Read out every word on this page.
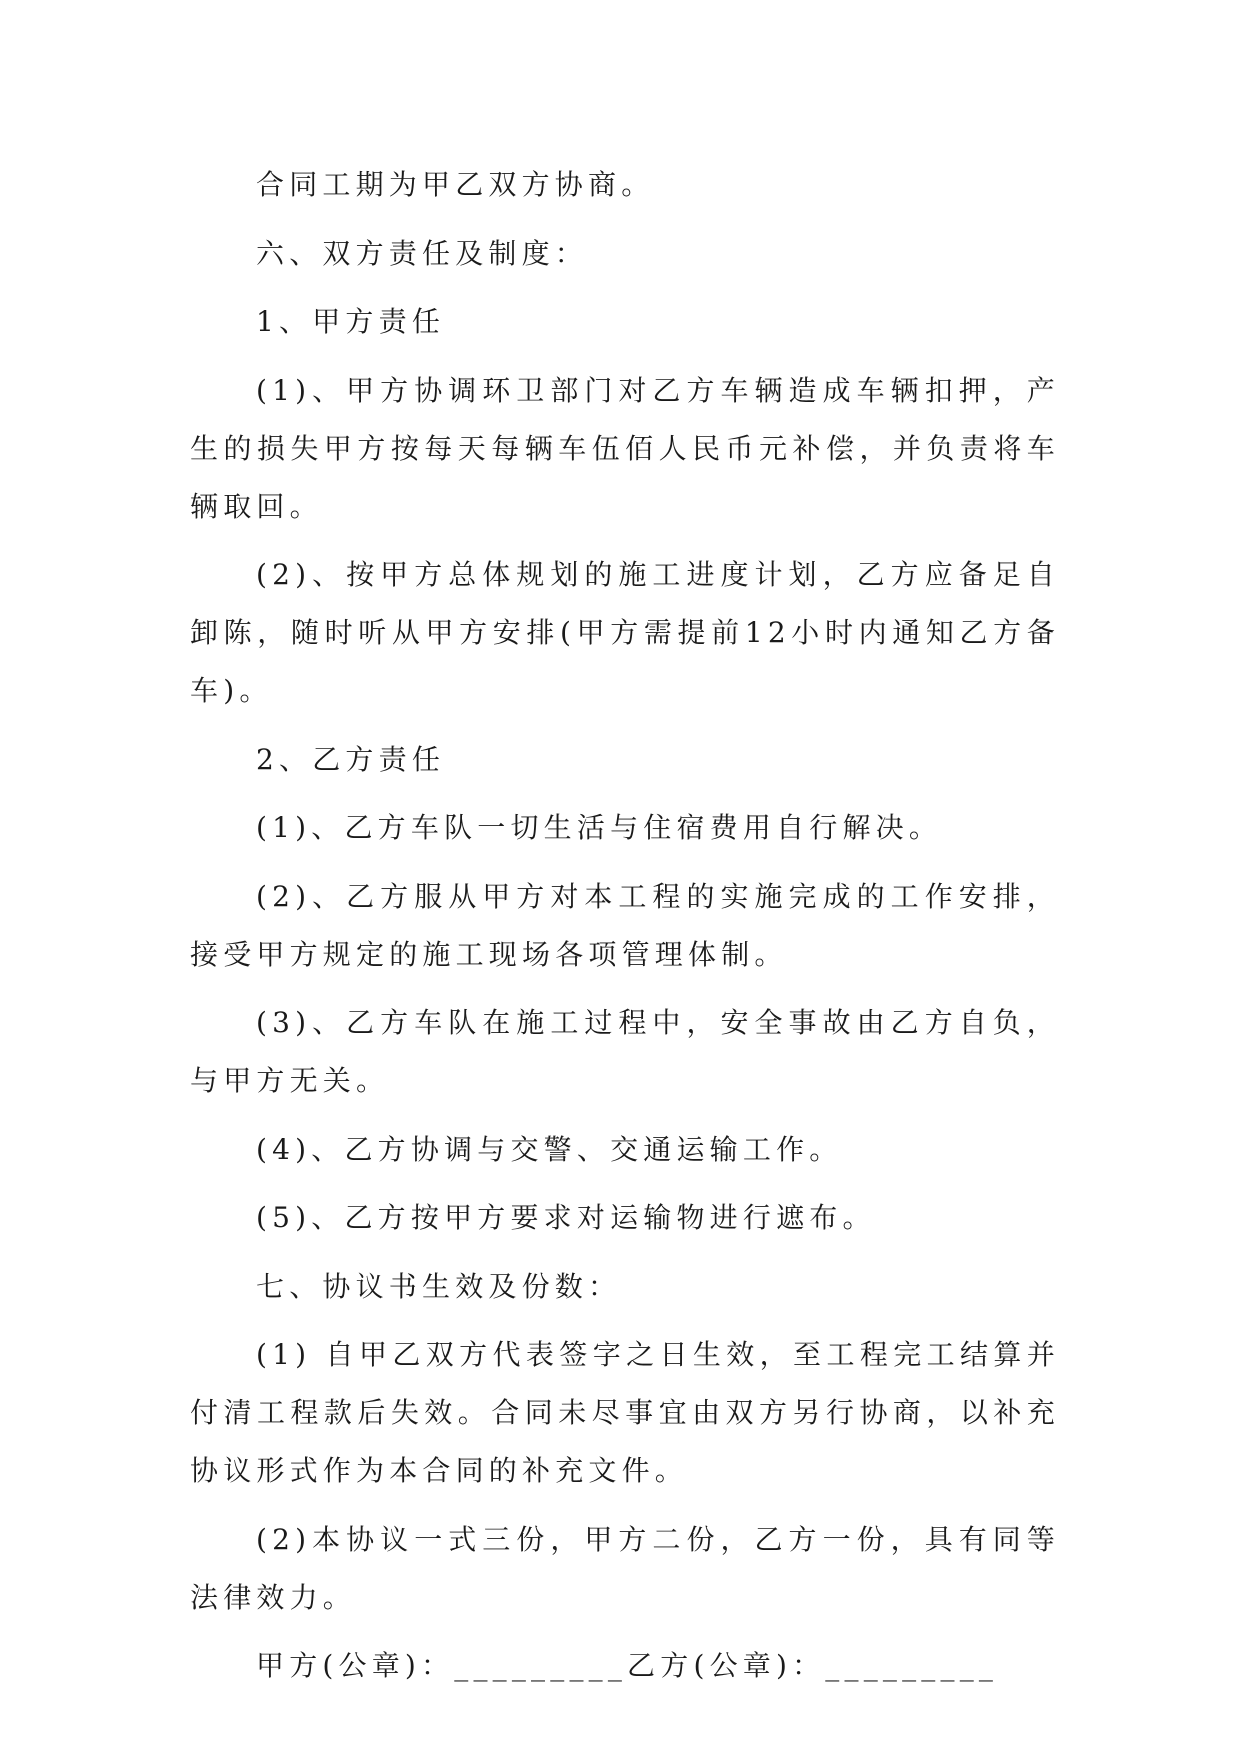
合同工期为甲乙双方协商。

六、双方责任及制度：

1、甲方责任

(1)、甲方协调环卫部门对乙方车辆造成车辆扣押，产生的损失甲方按每天每辆车伍佰人民币元补偿，并负责将车辆取回。

(2)、按甲方总体规划的施工进度计划，乙方应备足自卸陈，随时听从甲方安排(甲方需提前12小时内通知乙方备车)。

2、乙方责任

(1)、乙方车队一切生活与住宿费用自行解决。

(2)、乙方服从甲方对本工程的实施完成的工作安排，接受甲方规定的施工现场各项管理体制。

(3)、乙方车队在施工过程中，安全事故由乙方自负，与甲方无关。

(4)、乙方协调与交警、交通运输工作。

(5)、乙方按甲方要求对运输物进行遮布。

七、协议书生效及份数：

(1) 自甲乙双方代表签字之日生效，至工程完工结算并付清工程款后失效。合同未尽事宜由双方另行协商，以补充协议形式作为本合同的补充文件。

(2)本协议一式三份，甲方二份，乙方一份，具有同等法律效力。

甲方(公章)：_________乙方(公章)：_________
